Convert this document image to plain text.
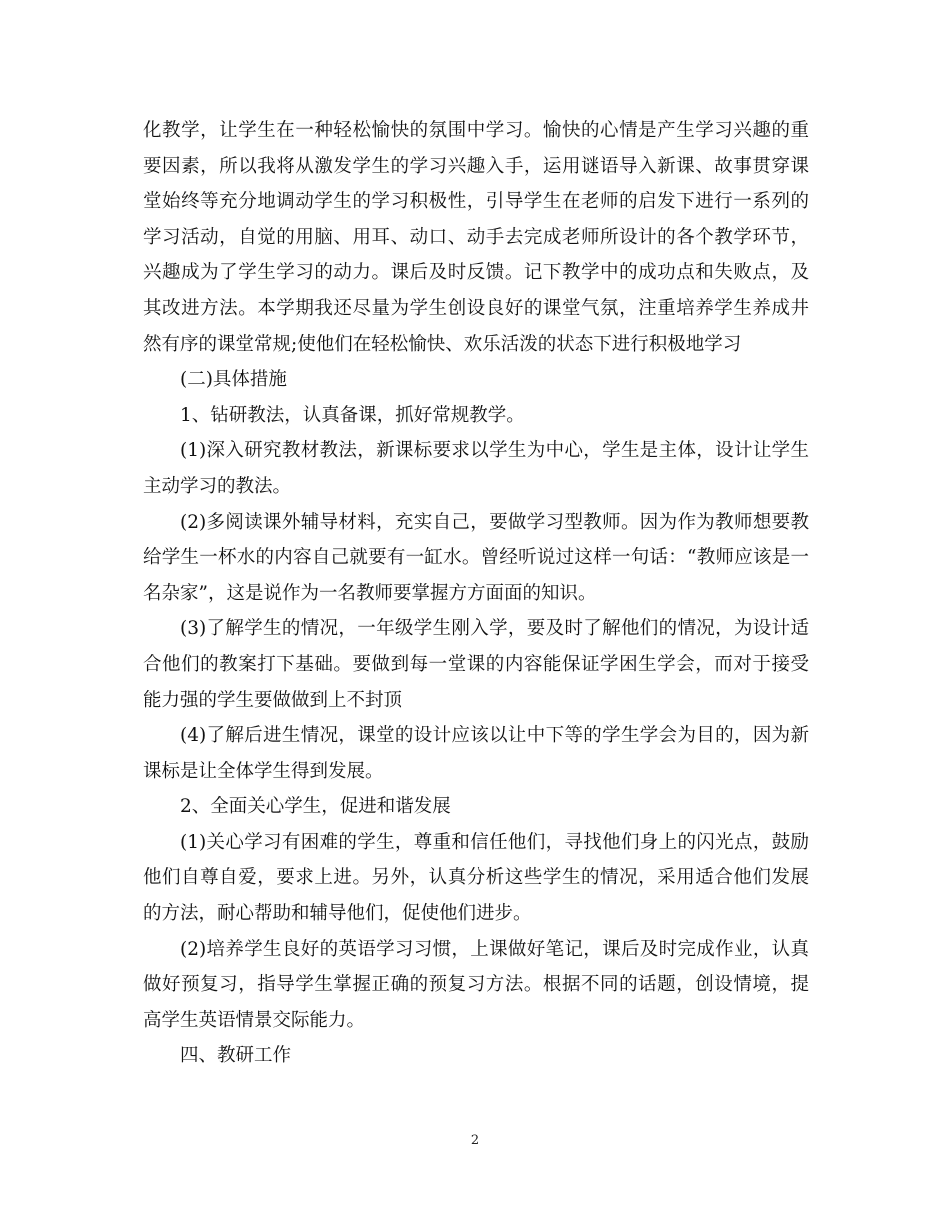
化教学，让学生在一种轻松愉快的氛围中学习。愉快的心情是产生学习兴趣的重
要因素，所以我将从激发学生的学习兴趣入手，运用谜语导入新课、故事贯穿课
堂始终等充分地调动学生的学习积极性，引导学生在老师的启发下进行一系列的
学习活动，自觉的用脑、用耳、动口、动手去完成老师所设计的各个教学环节，
兴趣成为了学生学习的动力。课后及时反馈。记下教学中的成功点和失败点，及
其改进方法。本学期我还尽量为学生创设良好的课堂气氛，注重培养学生养成井
然有序的课堂常规;使他们在轻松愉快、欢乐活泼的状态下进行积极地学习
(二)具体措施
1、钻研教法，认真备课，抓好常规教学。
(1)深入研究教材教法，新课标要求以学生为中心，学生是主体，设计让学生
主动学习的教法。
(2)多阅读课外辅导材料，充实自己，要做学习型教师。因为作为教师想要教
给学生一杯水的内容自己就要有一缸水。曾经听说过这样一句话：“教师应该是一
名杂家”，这是说作为一名教师要掌握方方面面的知识。
(3)了解学生的情况，一年级学生刚入学，要及时了解他们的情况，为设计适
合他们的教案打下基础。要做到每一堂课的内容能保证学困生学会，而对于接受
能力强的学生要做做到上不封顶
(4)了解后进生情况，课堂的设计应该以让中下等的学生学会为目的，因为新
课标是让全体学生得到发展。
2、全面关心学生，促进和谐发展
(1)关心学习有困难的学生，尊重和信任他们，寻找他们身上的闪光点，鼓励
他们自尊自爱，要求上进。另外，认真分析这些学生的情况，采用适合他们发展
的方法，耐心帮助和辅导他们，促使他们进步。
(2)培养学生良好的英语学习习惯，上课做好笔记，课后及时完成作业，认真
做好预复习，指导学生掌握正确的预复习方法。根据不同的话题，创设情境，提
高学生英语情景交际能力。
四、教研工作
2
